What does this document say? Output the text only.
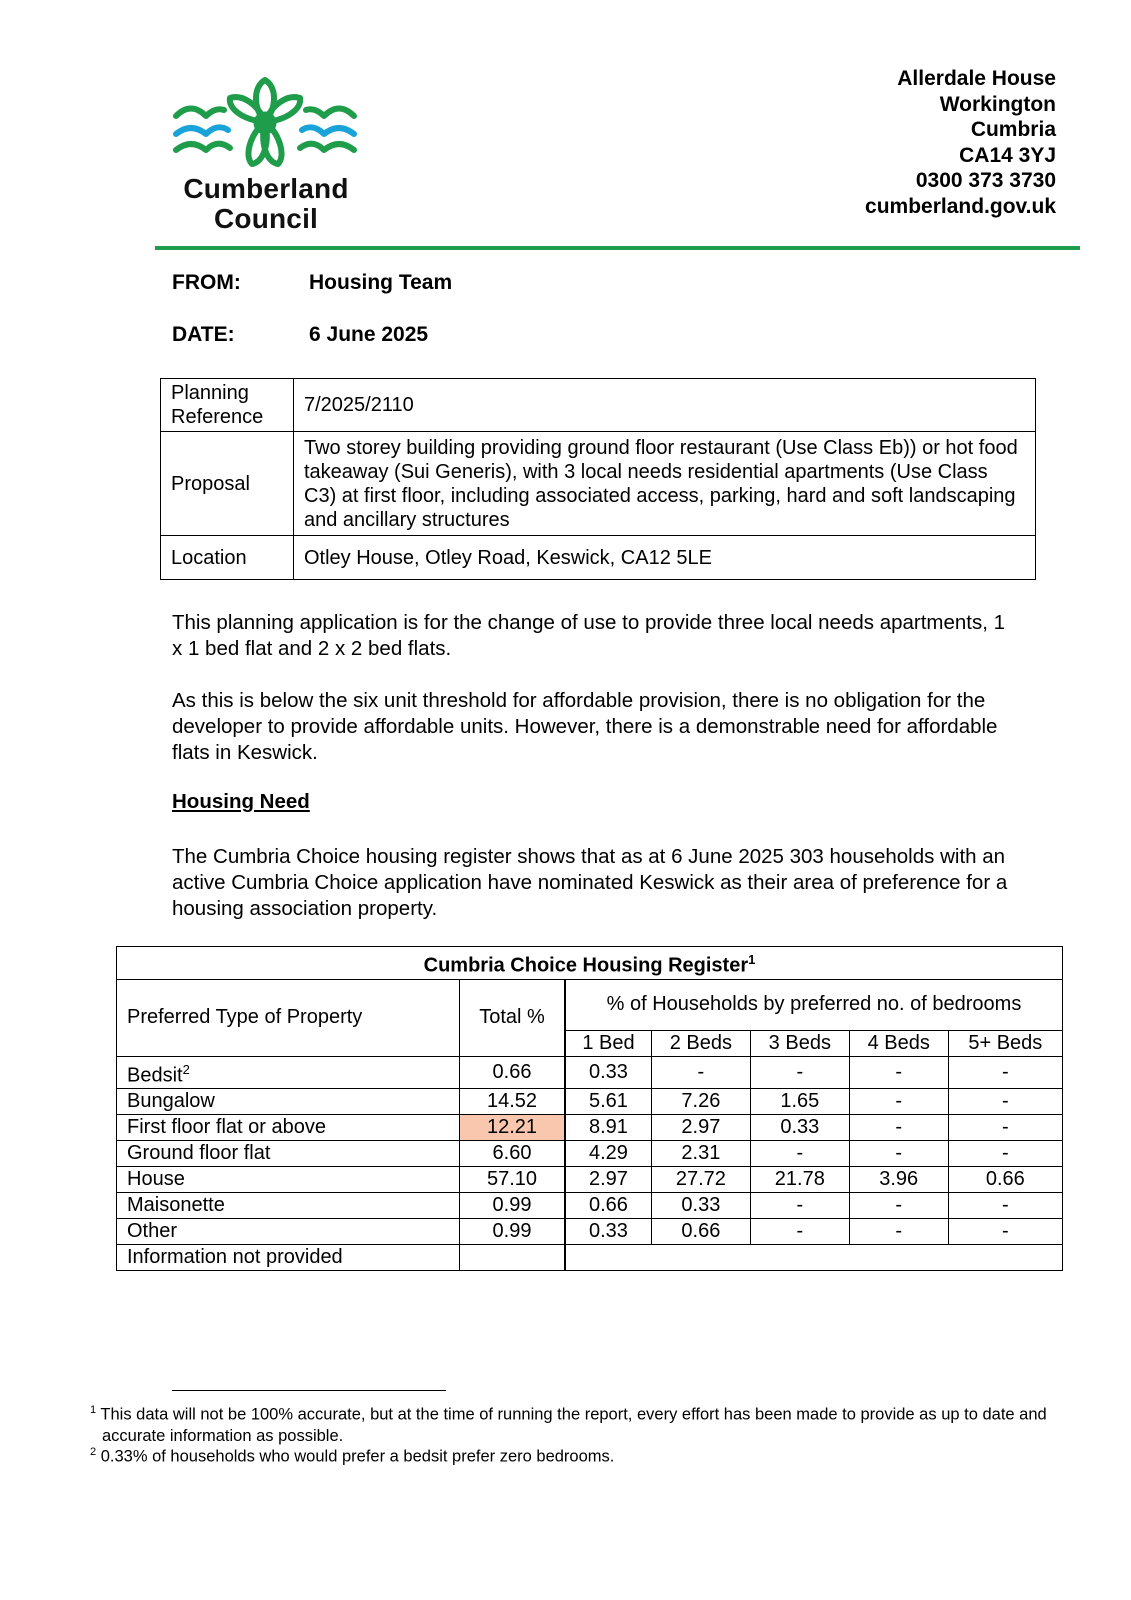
Cumberland
Council
Allerdale House
Workington
Cumbria
CA14 3YJ
0300 373 3730
cumberland.gov.uk
FROM:	Housing Team
DATE:	6 June 2025
Planning Reference	7/2025/2110
Proposal	Two storey building providing ground floor restaurant (Use Class Eb)) or hot food takeaway (Sui Generis), with 3 local needs residential apartments (Use Class C3) at first floor, including associated access, parking, hard and soft landscaping and ancillary structures
Location	Otley House, Otley Road, Keswick, CA12 5LE
This planning application is for the change of use to provide three local needs apartments, 1 x 1 bed flat and 2 x 2 bed flats.
As this is below the six unit threshold for affordable provision, there is no obligation for the developer to provide affordable units. However, there is a demonstrable need for affordable flats in Keswick.
Housing Need
The Cumbria Choice housing register shows that as at 6 June 2025 303 households with an active Cumbria Choice application have nominated Keswick as their area of preference for a housing association property.
Cumbria Choice Housing Register$^1$
Preferred Type of Property	Total %	% of Households by preferred no. of bedrooms				
		1 Bed	2 Beds	3 Beds	4 Beds	5+ Beds
Bedsit$^2$	0.66	0.33	-	-	-	-
Bungalow	14.52	5.61	7.26	1.65	-	-
First floor flat or above	12.21	8.91	2.97	0.33	-	-
Ground floor flat	6.60	4.29	2.31	-	-	-
House	57.10	2.97	27.72	21.78	3.96	0.66
Maisonette	0.99	0.66	0.33	-	-	-
Other	0.99	0.33	0.66	-	-	-
Information not provided						
$^1$ This data will not be 100% accurate, but at the time of running the report, every effort has been made to provide as up to date and accurate information as possible.
$^2$ 0.33% of households who would prefer a bedsit prefer zero bedrooms.
